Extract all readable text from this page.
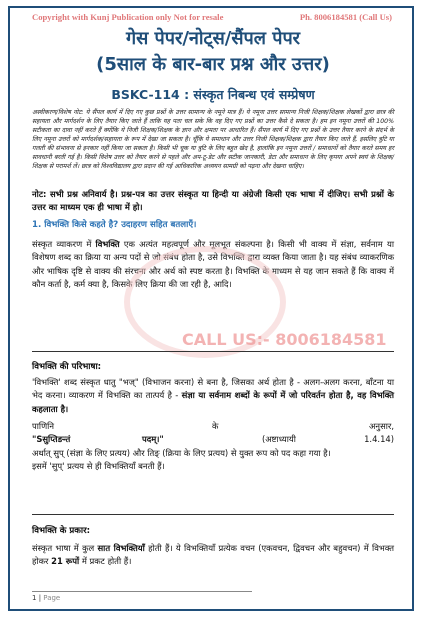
Copyright with Kunj Publication only Not for resale	Ph. 8006184581 (Call Us)
गेस पेपर/नोट्स/सैंपल पेपर
(5साल के बार-बार प्रश्न और उत्तर)
BSKC-114 : संस्कृत निबन्ध एवं सम्प्रेषण
अस्वीकरण/विशेष नोट: ये सैंपल कार्य में दिए गए कुछ प्रश्नों के उत्तर सामान्य के नमूने मात्र हैं। ये नमूना उत्तर सामान्य निजी शिक्षक/शिक्षक लेखकों द्वारा छात्र की सहायता और मार्गदर्शन के लिए तैयार किए जाते हैं ताकि यह पता चल सके कि वह दिए गए प्रश्नों का उत्तर कैसे दे सकता है। हम इन नमूना उत्तरों की 100% सटीकता का दावा नहीं करते हैं क्योंकि ये निजी शिक्षक/शिक्षक के ज्ञान और क्षमता पर आधारित हैं। सैंपल कार्य में दिए गए प्रश्नों के उत्तर तैयार करने के संदर्भ के लिए नमूना उत्तरों को मार्गदर्शक/सहायता के रूप में देखा जा सकता है। चूँकि ये समाधान और उत्तर निजी शिक्षक/शिक्षक द्वारा तैयार किए जाते हैं, इसलिए त्रुटि या गलती की संभावना से इनकार नहीं किया जा सकता है। किसी भी चूक या त्रुटि के लिए बहुत खेद है, हालांकि इन नमूना उत्तरों / समाधानों को तैयार करते समय हर सावधानी बरती गई है। किसी विशेष उत्तर को तैयार करने से पहले और अप-टू-डेट और सटीक जानकारी, डेटा और समाधान के लिए कृपया अपने स्वयं के शिक्षक/शिक्षक से परामर्श लें। छात्र को विश्वविद्यालय द्वारा प्रदान की गई आधिकारिक अध्ययन सामग्री को पढ़ना और देखना चाहिए।
नोट: सभी प्रश्न अनिवार्य है। प्रश्न-पत्र का उत्तर संस्कृत या हिन्दी या अंग्रेजी किसी एक भाषा में दीजिए। सभी प्रश्नों के उत्तर का माध्यम एक ही भाषा में हो।
1. विभक्ति किसे कहते है? उदाहरण सहित बतलाएँ।
संस्कृत व्याकरण में विभक्ति एक अत्यंत महत्वपूर्ण और मूलभूत संकल्पना है। किसी भी वाक्य में संज्ञा, सर्वनाम या विशेषण शब्द का क्रिया या अन्य पदों से जो संबंध होता है, उसे विभक्ति द्वारा व्यक्त किया जाता है। यह संबंध व्याकरणिक और भाषिक दृष्टि से वाक्य की संरचना और अर्थ को स्पष्ट करता है। विभक्ति के माध्यम से यह जान सकते हैं कि वाक्य में कौन कर्ता है, कर्म क्या है, किसके लिए क्रिया की जा रही है, आदि।
CALL US:- 8006184581
विभक्ति की परिभाषा:
'विभक्ति' शब्द संस्कृत धातु "भज्" (विभाजन करना) से बना है, जिसका अर्थ होता है - अलग-अलग करना, बाँटना या भेद करना। व्याकरण में विभक्ति का तात्पर्य है - संज्ञा या सर्वनाम शब्दों के रूपों में जो परिवर्तन होता है, वह विभक्ति कहलाता है।
पाणिनि	के	अनुसार,
"Sसुप्तिङन्तं	पदम्।"	(अष्टाध्यायी	1.4.14)
अर्थात् सुप् (संज्ञा के लिए प्रत्यय) और तिङ् (क्रिया के लिए प्रत्यय) से युक्त रूप को पद कहा गया है।
इसमें 'सुप्' प्रत्यय से ही विभक्तियाँ बनती हैं।
विभक्ति के प्रकार:
संस्कृत भाषा में कुल सात विभक्तियाँ होती हैं। ये विभक्तियाँ प्रत्येक वचन (एकवचन, द्विवचन और बहुवचन) में विभक्त होकर 21 रूपों में प्रकट होती हैं।
1 | Page
